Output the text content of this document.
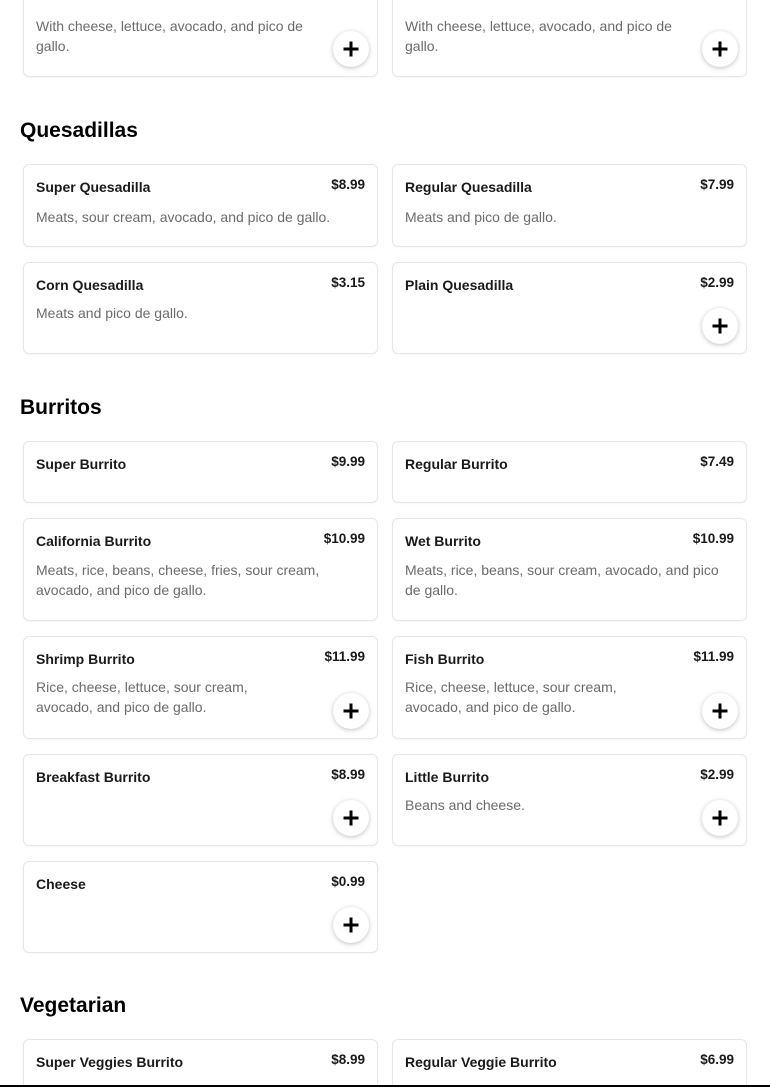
With cheese, lettuce, avocado, and pico de gallo.
With cheese, lettuce, avocado, and pico de gallo.
Quesadillas
Super Quesadilla	$8.99
Meats, sour cream, avocado, and pico de gallo.
Regular Quesadilla	$7.99
Meats and pico de gallo.
Corn Quesadilla	$3.15
Meats and pico de gallo.
Plain Quesadilla	$2.99
Burritos
Super Burrito	$9.99	Regular Burrito	$7.49
California Burrito	$10.99
Meats, rice, beans, cheese, fries, sour cream, avocado, and pico de gallo.
Wet Burrito	$10.99
Meats, rice, beans, sour cream, avocado, and pico de gallo.
Shrimp Burrito	$11.99
Rice, cheese, lettuce, sour cream, avocado, and pico de gallo.
Fish Burrito	$11.99
Rice, cheese, lettuce, sour cream, avocado, and pico de gallo.
Breakfast Burrito	$8.99	Little Burrito	$2.99
Beans and cheese.
Cheese	$0.99
Vegetarian
Super Veggies Burrito	$8.99	Regular Veggie Burrito	$6.99
